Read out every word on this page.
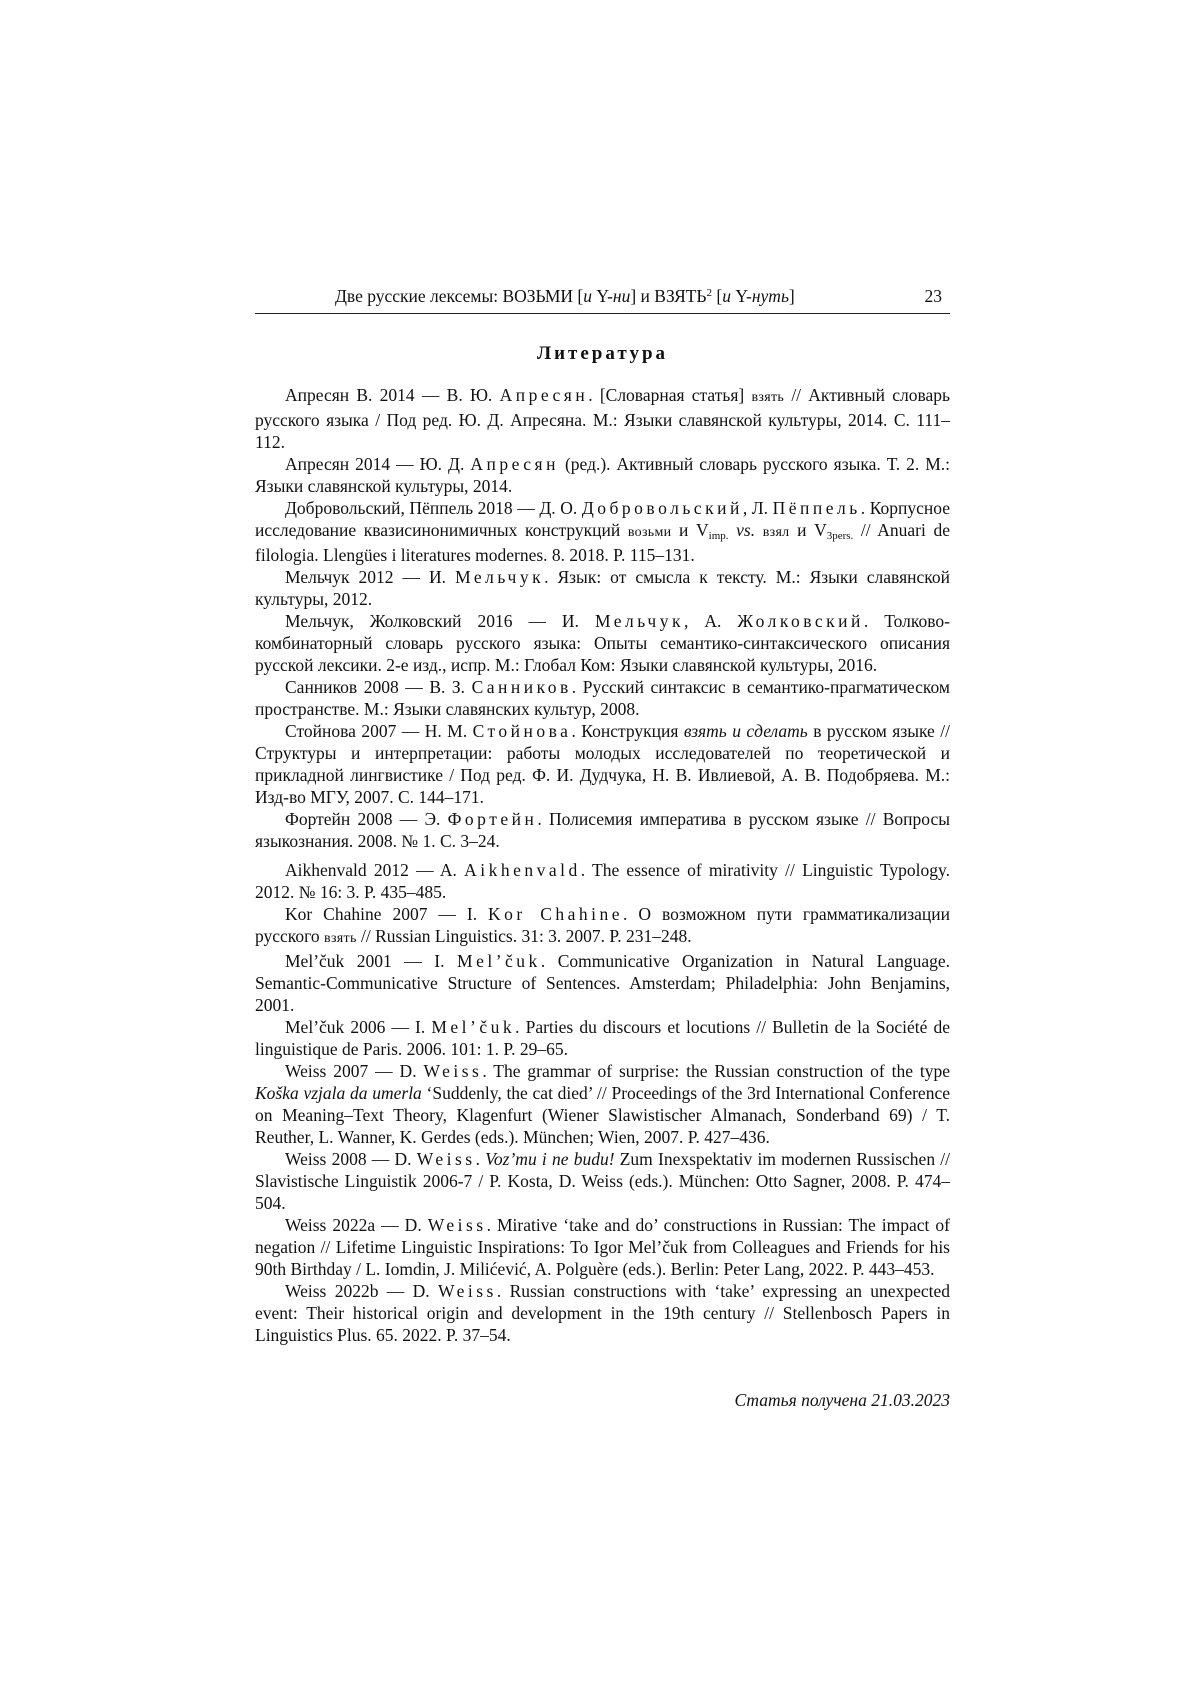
Две русские лексемы: ВОЗЬМИ [и Y-ни] и ВЗЯТЬ$^2$ [и Y-нуть]	23
Литература

Апресян В. 2014 — В. Ю. Апресян. [Словарная статья] взять // Активный словарь русского языка / Под ред. Ю. Д. Апресяна. М.: Языки славянской культуры, 2014. С. 111–112.

Апресян 2014 — Ю. Д. Апресян (ред.). Активный словарь русского языка. Т. 2. М.: Языки славянской культуры, 2014.

Добровольский, Пёппель 2018 — Д. О. Добровольский, Л. Пёппель. Корпусное исследование квазисинонимичных конструкций возьми и $V_{imp.}$ vs. взял и $V_{3pers.}$ // Anuari de filologia. Llengües i literatures modernes. 8. 2018. P. 115–131.

Мельчук 2012 — И. Мельчук. Язык: от смысла к тексту. М.: Языки славянской культуры, 2012.

Мельчук, Жолковский 2016 — И. Мельчук, А. Жолковский. Толково-комбинаторный словарь русского языка: Опыты семантико-синтаксического описания русской лексики. 2-е изд., испр. М.: Глобал Ком: Языки славянской культуры, 2016.

Санников 2008 — В. З. Санников. Русский синтаксис в семантико-прагматическом пространстве. М.: Языки славянских культур, 2008.

Стойнова 2007 — Н. М. Стойнова. Конструкция взять и сделать в русском языке // Структуры и интерпретации: работы молодых исследователей по теоретической и прикладной лингвистике / Под ред. Ф. И. Дудчука, Н. В. Ивлиевой, А. В. Подобряева. М.: Изд-во МГУ, 2007. С. 144–171.

Фортейн 2008 — Э. Фортейн. Полисемия императива в русском языке // Вопросы языкознания. 2008. № 1. С. 3–24.

Aikhenvald 2012 — A. Aikhenvald. The essence of mirativity // Linguistic Typology. 2012. № 16: 3. P. 435–485.

Kor Chahine 2007 — I. Kor Chahine. О возможном пути грамматикализации русского взять // Russian Linguistics. 31: 3. 2007. P. 231–248.

Mel’čuk 2001 — I. Mel’čuk. Communicative Organization in Natural Language. Semantic-Communicative Structure of Sentences. Amsterdam; Philadelphia: John Benjamins, 2001.

Mel’čuk 2006 — I. Mel’čuk. Parties du discours et locutions // Bulletin de la Société de linguistique de Paris. 2006. 101: 1. P. 29–65.

Weiss 2007 — D. Weiss. The grammar of surprise: the Russian construction of the type Koška vzjala da umerla ‘Suddenly, the cat died’ // Proceedings of the 3rd International Conference on Meaning–Text Theory, Klagenfurt (Wiener Slawistischer Almanach, Sonderband 69) / T. Reuther, L. Wanner, K. Gerdes (eds.). München; Wien, 2007. P. 427–436.

Weiss 2008 — D. Weiss. Voz’mu i ne budu! Zum Inexspektativ im modernen Russischen // Slavistische Linguistik 2006-7 / P. Kosta, D. Weiss (eds.). München: Otto Sagner, 2008. P. 474–504.

Weiss 2022a — D. Weiss. Mirative ‘take and do’ constructions in Russian: The impact of negation // Lifetime Linguistic Inspirations: To Igor Mel’čuk from Colleagues and Friends for his 90th Birthday / L. Iomdin, J. Milićević, A. Polguère (eds.). Berlin: Peter Lang, 2022. P. 443–453.

Weiss 2022b — D. Weiss. Russian constructions with ‘take’ expressing an unexpected event: Their historical origin and development in the 19th century // Stellenbosch Papers in Linguistics Plus. 65. 2022. P. 37–54.

Статья получена 21.03.2023
